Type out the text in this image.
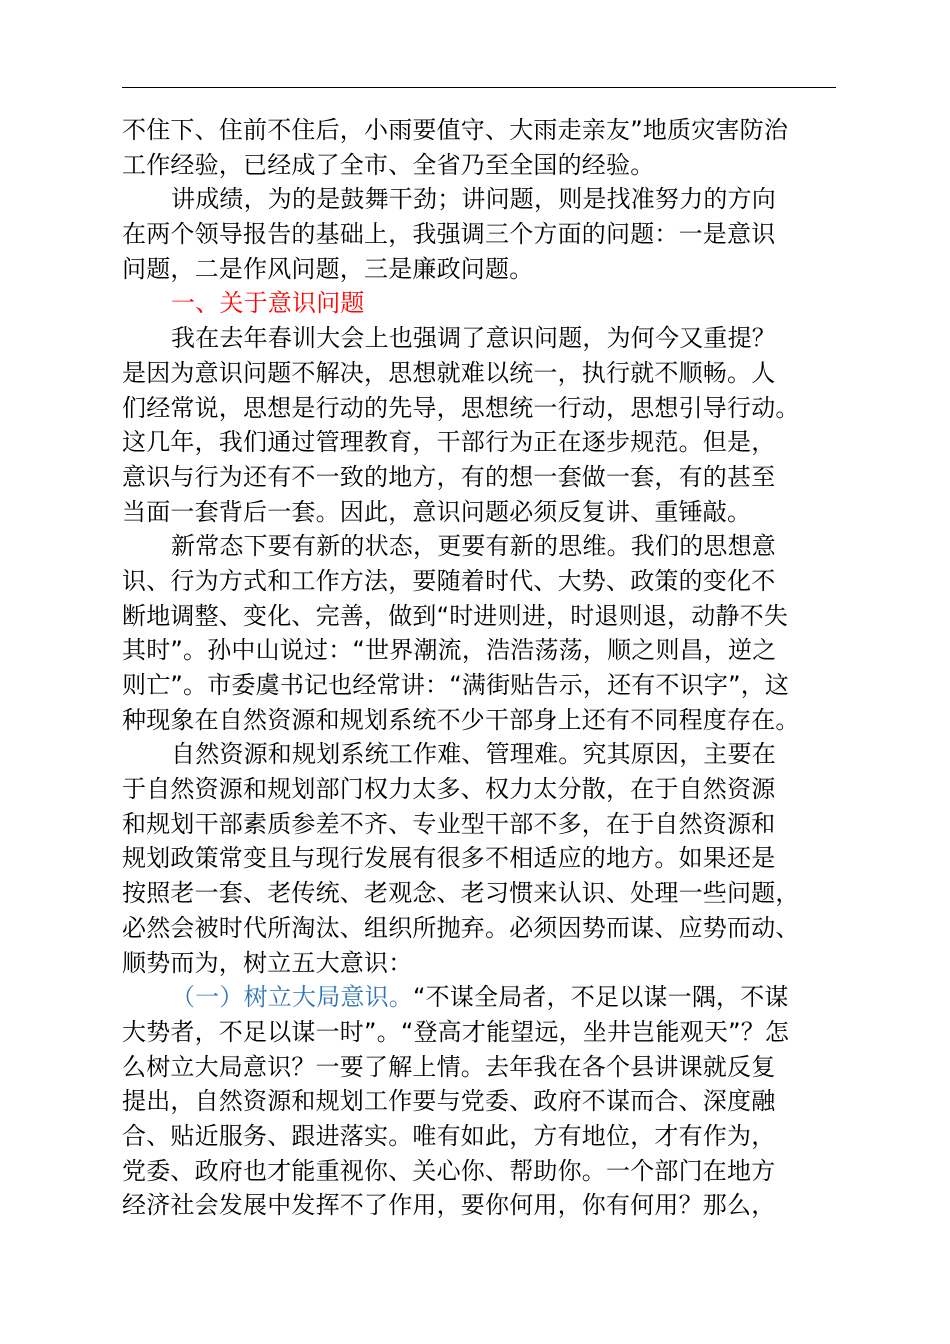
不住下、住前不住后，小雨要值守、大雨走亲友”地质灾害防治
工作经验，已经成了全市、全省乃至全国的经验。
讲成绩，为的是鼓舞干劲；讲问题，则是找准努力的方向
在两个领导报告的基础上，我强调三个方面的问题：一是意识
问题，二是作风问题，三是廉政问题。
一、关于意识问题
我在去年春训大会上也强调了意识问题，为何今又重提？
是因为意识问题不解决，思想就难以统一，执行就不顺畅。人
们经常说，思想是行动的先导，思想统一行动，思想引导行动。
这几年，我们通过管理教育，干部行为正在逐步规范。但是，
意识与行为还有不一致的地方，有的想一套做一套，有的甚至
当面一套背后一套。因此，意识问题必须反复讲、重锤敲。
新常态下要有新的状态，更要有新的思维。我们的思想意
识、行为方式和工作方法，要随着时代、大势、政策的变化不
断地调整、变化、完善，做到“时进则进，时退则退，动静不失
其时”。孙中山说过：“世界潮流，浩浩荡荡，顺之则昌，逆之
则亡”。市委虞书记也经常讲：“满街贴告示，还有不识字”，这
种现象在自然资源和规划系统不少干部身上还有不同程度存在。
自然资源和规划系统工作难、管理难。究其原因，主要在
于自然资源和规划部门权力太多、权力太分散，在于自然资源
和规划干部素质参差不齐、专业型干部不多，在于自然资源和
规划政策常变且与现行发展有很多不相适应的地方。如果还是
按照老一套、老传统、老观念、老习惯来认识、处理一些问题，
必然会被时代所淘汰、组织所抛弃。必须因势而谋、应势而动、
顺势而为，树立五大意识：
（一）树立大局意识。“不谋全局者，不足以谋一隅，不谋
大势者，不足以谋一时”。“登高才能望远，坐井岂能观天”？怎
么树立大局意识？一要了解上情。去年我在各个县讲课就反复
提出，自然资源和规划工作要与党委、政府不谋而合、深度融
合、贴近服务、跟进落实。唯有如此，方有地位，才有作为，
党委、政府也才能重视你、关心你、帮助你。一个部门在地方
经济社会发展中发挥不了作用，要你何用，你有何用？那么，
